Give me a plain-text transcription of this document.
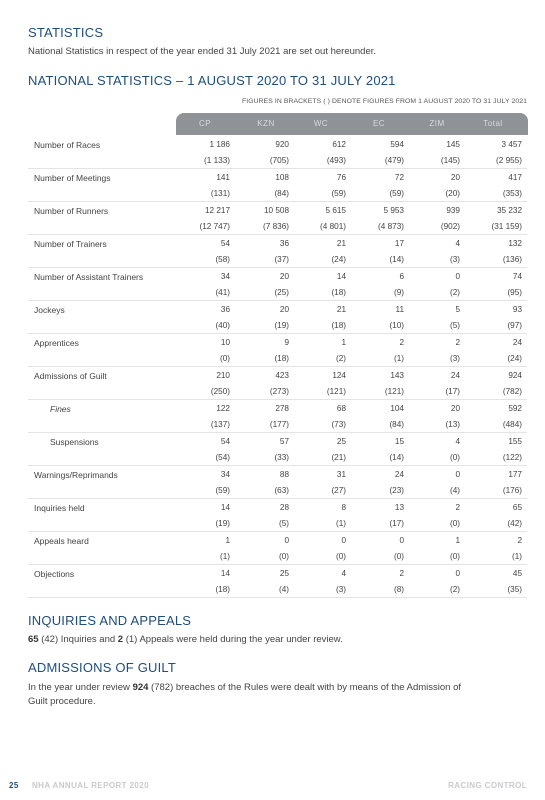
STATISTICS
National Statistics in respect of the year ended 31 July 2021 are set out hereunder.
NATIONAL STATISTICS – 1 AUGUST 2020 TO 31 JULY 2021
FIGURES IN BRACKETS ( ) DENOTE FIGURES FROM 1 AUGUST 2020 TO 31 JULY 2021
CP	KZN	WC	EC	ZIM	Total
Number of Races	1 186	920	612	594	145	3 457
(1 133)	(705)	(493)	(479)	(145)	(2 955)
Number of Meetings	141	108	76	72	20	417
(131)	(84)	(59)	(59)	(20)	(353)
Number of Runners	12 217	10 508	5 615	5 953	939	35 232
(12 747)	(7 836)	(4 801)	(4 873)	(902)	(31 159)
Number of Trainers	54	36	21	17	4	132
(58)	(37)	(24)	(14)	(3)	(136)
Number of Assistant Trainers	34	20	14	6	0	74
(41)	(25)	(18)	(9)	(2)	(95)
Jockeys	36	20	21	11	5	93
(40)	(19)	(18)	(10)	(5)	(97)
Apprentices	10	9	1	2	2	24
(0)	(18)	(2)	(1)	(3)	(24)
Admissions of Guilt	210	423	124	143	24	924
(250)	(273)	(121)	(121)	(17)	(782)
Fines	122	278	68	104	20	592
(137)	(177)	(73)	(84)	(13)	(484)
Suspensions	54	57	25	15	4	155
(54)	(33)	(21)	(14)	(0)	(122)
Warnings/Reprimands	34	88	31	24	0	177
(59)	(63)	(27)	(23)	(4)	(176)
Inquiries held	14	28	8	13	2	65
(19)	(5)	(1)	(17)	(0)	(42)
Appeals heard	1	0	0	0	1	2
(1)	(0)	(0)	(0)	(0)	(1)
Objections	14	25	4	2	0	45
(18)	(4)	(3)	(8)	(2)	(35)
INQUIRIES AND APPEALS
65 (42) Inquiries and 2 (1) Appeals were held during the year under review.
ADMISSIONS OF GUILT
In the year under review 924 (782) breaches of the Rules were dealt with by means of the Admission of
Guilt procedure.
25 NHA ANNUAL REPORT 2020	RACING CONTROL
